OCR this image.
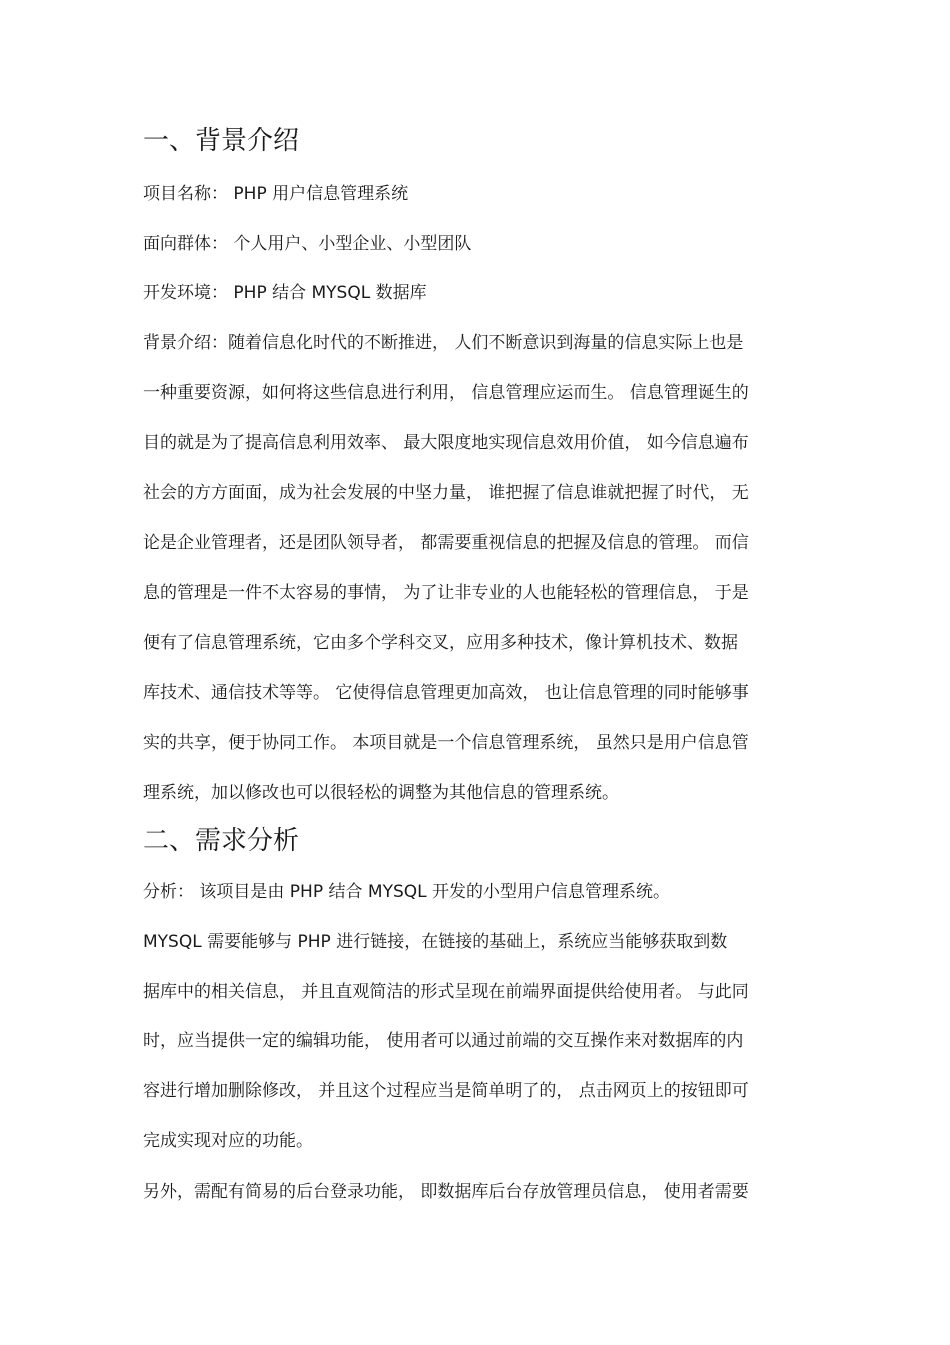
一、背景介绍
项目名称： PHP 用户信息管理系统
面向群体： 个人用户、小型企业、小型团队
开发环境： PHP 结合 MYSQL 数据库
背景介绍：随着信息化时代的不断推进， 人们不断意识到海量的信息实际上也是
一种重要资源，如何将这些信息进行利用， 信息管理应运而生。 信息管理诞生的
目的就是为了提高信息利用效率、 最大限度地实现信息效用价值， 如今信息遍布
社会的方方面面，成为社会发展的中坚力量， 谁把握了信息谁就把握了时代， 无
论是企业管理者，还是团队领导者， 都需要重视信息的把握及信息的管理。 而信
息的管理是一件不太容易的事情， 为了让非专业的人也能轻松的管理信息， 于是
便有了信息管理系统，它由多个学科交叉，应用多种技术，像计算机技术、数据
库技术、通信技术等等。 它使得信息管理更加高效， 也让信息管理的同时能够事
实的共享，便于协同工作。 本项目就是一个信息管理系统， 虽然只是用户信息管
理系统，加以修改也可以很轻松的调整为其他信息的管理系统。
二、需求分析
分析： 该项目是由 PHP 结合 MYSQL 开发的小型用户信息管理系统。
MYSQL 需要能够与 PHP 进行链接，在链接的基础上，系统应当能够获取到数
据库中的相关信息， 并且直观简洁的形式呈现在前端界面提供给使用者。 与此同
时，应当提供一定的编辑功能， 使用者可以通过前端的交互操作来对数据库的内
容进行增加删除修改， 并且这个过程应当是简单明了的， 点击网页上的按钮即可
完成实现对应的功能。
另外，需配有简易的后台登录功能， 即数据库后台存放管理员信息， 使用者需要
